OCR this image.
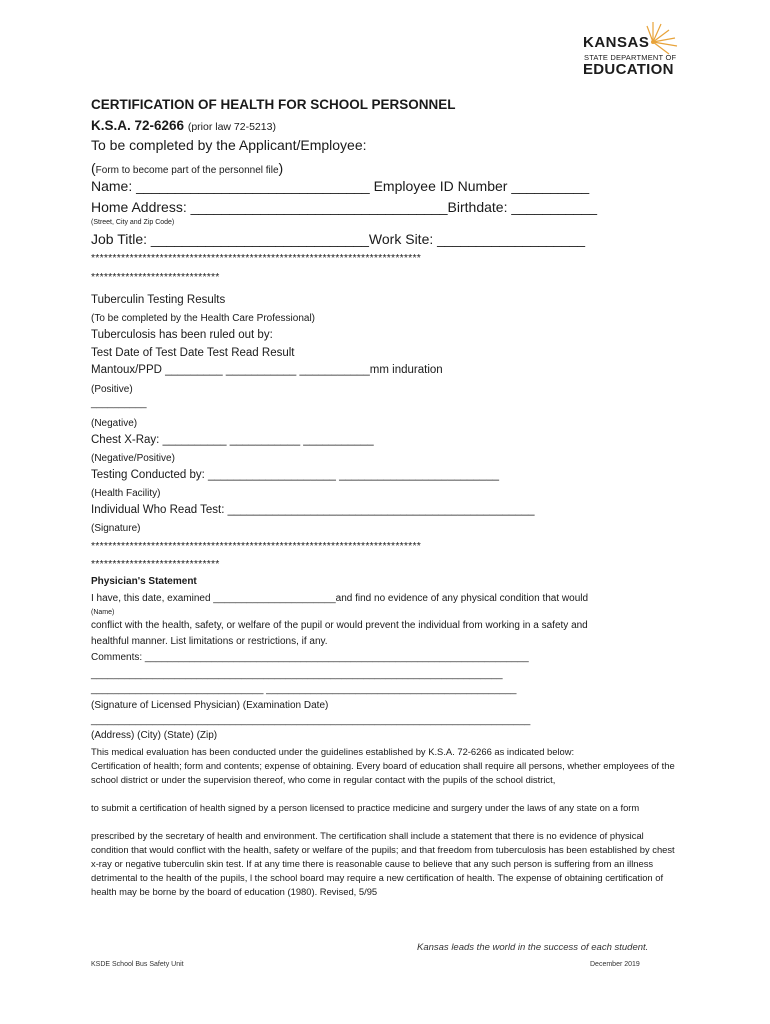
KANSAS
STATE DEPARTMENT OF
EDUCATION
CERTIFICATION OF HEALTH FOR SCHOOL PERSONNEL
K.S.A. 72-6266 (prior law 72-5213)
To be completed by the Applicant/Employee:
(Form to become part of the personnel file)
Name: ______________________________ Employee ID Number __________
Home Address: _________________________________Birthdate: ___________
(Street, City and Zip Code)
Job Title: ____________________________Work Site: ___________________
*****************************************************************************
******************************
Tuberculin Testing Results
(To be completed by the Health Care Professional)
Tuberculosis has been ruled out by:
Test Date of Test Date Test Read Result
Mantoux/PPD _________ ___________ ___________mm induration
(Positive)
__________
(Negative)
Chest X-Ray: __________ ___________ ___________
(Negative/Positive)
Testing Conducted by: ____________________ _________________________
(Health Facility)
Individual Who Read Test: ________________________________________________
(Signature)
*****************************************************************************
******************************
Physician's Statement
I have, this date, examined ______________________and find no evidence of any physical condition that would
(Name)
conflict with the health, safety, or welfare of the pupil or would prevent the individual from working in a safety and
healthful manner. List limitations or restrictions, if any.
Comments: _____________________________________________________________________
__________________________________________________________________________
_______________________________ _____________________________________________
(Signature of Licensed Physician) (Examination Date)
_______________________________________________________________________________
(Address) (City) (State) (Zip)
This medical evaluation has been conducted under the guidelines established by K.S.A. 72-6266 as indicated below:
Certification of health; form and contents; expense of obtaining. Every board of education shall require all persons, whether employees of the school district or under the supervision thereof, who come in regular contact with the pupils of the school district,
to submit a certification of health signed by a person licensed to practice medicine and surgery under the laws of any state on a form
prescribed by the secretary of health and environment. The certification shall include a statement that there is no evidence of physical condition that would conflict with the health, safety or welfare of the pupils; and that freedom from tuberculosis has been established by chest x-ray or negative tuberculin skin test. If at any time there is reasonable cause to believe that any such person is suffering from an illness detrimental to the health of the pupils, l the school board may require a new certification of health. The expense of obtaining certification of health may be borne by the board of education (1980). Revised, 5/95
Kansas leads the world in the success of each student.
KSDE School Bus Safety Unit	December 2019
